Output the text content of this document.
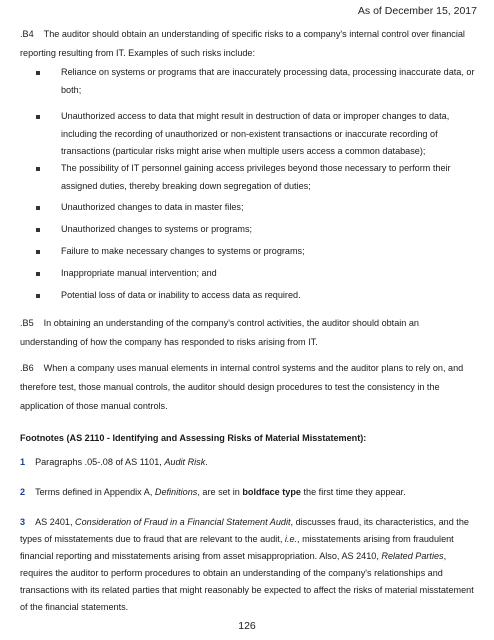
As of December 15, 2017

.B4 The auditor should obtain an understanding of specific risks to a company's internal control over financial reporting resulting from IT. Examples of such risks include:

Reliance on systems or programs that are inaccurately processing data, processing inaccurate data, or both;
Unauthorized access to data that might result in destruction of data or improper changes to data, including the recording of unauthorized or non-existent transactions or inaccurate recording of transactions (particular risks might arise when multiple users access a common database);
The possibility of IT personnel gaining access privileges beyond those necessary to perform their assigned duties, thereby breaking down segregation of duties;
Unauthorized changes to data in master files;
Unauthorized changes to systems or programs;
Failure to make necessary changes to systems or programs;
Inappropriate manual intervention; and
Potential loss of data or inability to access data as required.

.B5 In obtaining an understanding of the company's control activities, the auditor should obtain an understanding of how the company has responded to risks arising from IT.

.B6 When a company uses manual elements in internal control systems and the auditor plans to rely on, and therefore test, those manual controls, the auditor should design procedures to test the consistency in the application of those manual controls.

Footnotes (AS 2110 - Identifying and Assessing Risks of Material Misstatement):

1 Paragraphs .05-.08 of AS 1101, Audit Risk.

2 Terms defined in Appendix A, Definitions, are set in boldface type the first time they appear.

3 AS 2401, Consideration of Fraud in a Financial Statement Audit, discusses fraud, its characteristics, and the types of misstatements due to fraud that are relevant to the audit, i.e., misstatements arising from fraudulent financial reporting and misstatements arising from asset misappropriation. Also, AS 2410, Related Parties, requires the auditor to perform procedures to obtain an understanding of the company's relationships and transactions with its related parties that might reasonably be expected to affect the risks of material misstatement of the financial statements.

126
